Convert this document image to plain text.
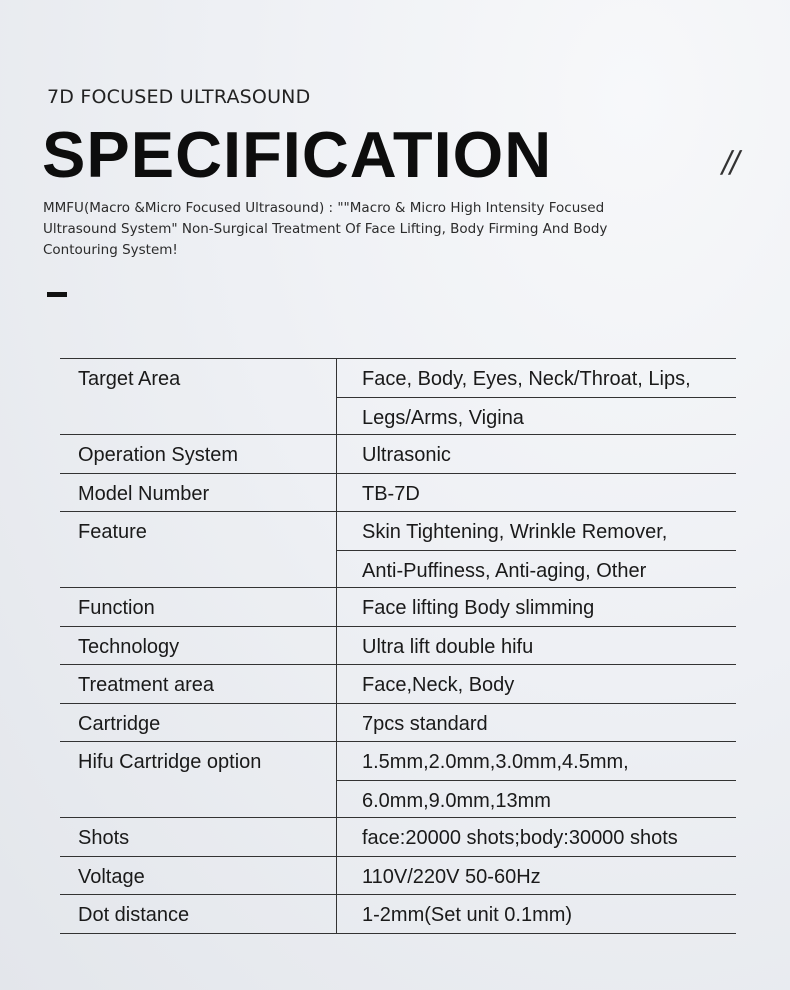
7D FOCUSED ULTRASOUND
SPECIFICATION	//
MMFU(Macro &Micro Focused Ultrasound) : ""Macro & Micro High Intensity Focused Ultrasound System" Non-Surgical Treatment Of Face Lifting, Body Firming And Body Contouring System!
Target Area	Face, Body, Eyes, Neck/Throat, Lips,
Legs/Arms, Vigina
Operation System	Ultrasonic
Model Number	TB-7D
Feature	Skin Tightening, Wrinkle Remover,
Anti-Puffiness, Anti-aging, Other
Function	Face lifting Body slimming
Technology	Ultra lift double hifu
Treatment area	Face,Neck, Body
Cartridge	7pcs standard
Hifu Cartridge option	1.5mm,2.0mm,3.0mm,4.5mm,
6.0mm,9.0mm,13mm
Shots	face:20000 shots;body:30000 shots
Voltage	110V/220V 50-60Hz
Dot distance	1-2mm(Set unit 0.1mm)
